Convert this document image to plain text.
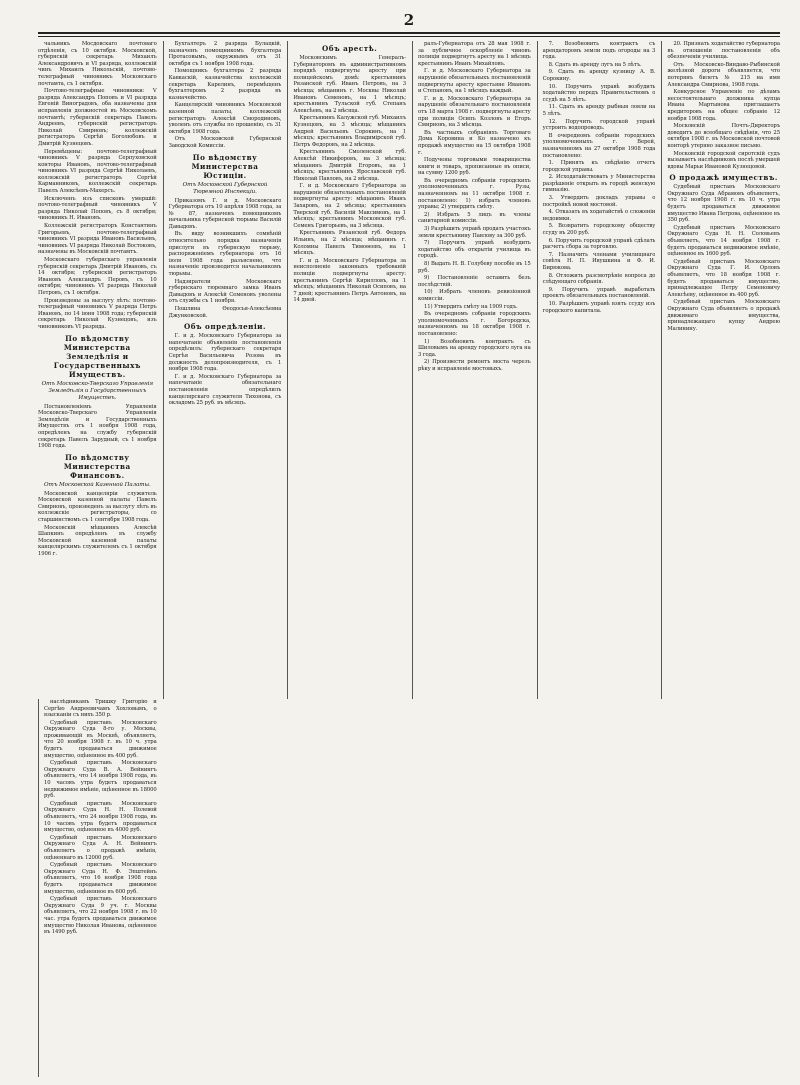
2

чальникъ Мосдовскаго почтоваго отдѣленія, съ 10 октября. Московской, губернскій секретарь Михаилъ Александровичъ и VI разряда, коллежскій чинъ Михаилъ Никольскій, почтово-телеграфный чиновникъ Московскаго почтамта, съ 1 октября.

Почтово-телеграфные чиновники: V разряда Александръ Поповъ и VI разряда Евгеній Виноградовъ, оба назначены для исправленія должностей въ Московскомъ почтамтѣ; губернскій секретарь Павелъ Андреевъ, губернскій регистраторъ Николай Смирновъ; коллежскій регистраторъ Сергѣй Боголюбовъ и Дмитрій Кузнецовъ.

Перемѣщены: почтово-телеграфный чиновникъ V разряда Серпуховской конторы Ивановъ, почтово-телеграфный чиновникъ VI разряда Сергѣй Николаевъ, коллежскій регистраторъ Сергѣй Карманниковъ, коллежскій секретарь Павелъ Алексѣевъ-Махерсъ.

Исключенъ изъ списковъ умершій: почтово-телеграфный чиновникъ V разряда Николай Поповъ, съ 8 октября; чиновникъ Н. Ивановъ.

Коллежскій регистраторъ Константинъ Григорьевъ, почтово-телеграфный чиновникъ VI разряда Ивановъ Васильевъ, чиновникъ VI разряда Николай Востоковъ, назначены въ Московскій почтамтъ.

Московскаго губернскаго управленія губернскій секретарь Дмитрій Ивановъ, съ 14 октября; губернскій регистраторъ Ивановъ Александръ Перовъ, съ 10 октября; чиновникъ VI разряда Николай Петровъ, съ 1 октября.

Произведены за выслугу лѣтъ: почтово-телеграфный чиновникъ V разряда Петръ Ивановъ, по 14 іюня 1908 года; губернскій секретарь Николай Кузнецовъ, изъ чиновниковъ VI разряда.

По вѣдомству Министерства Земледѣлія и Государственныхъ Имуществъ.
Отъ Московско-Тверскаго Управленія Земледѣлія и Государственныхъ Имуществъ.

Постановленіемъ Управленія Московско-Тверскаго Управленія Земледѣлія и Государственныхъ Имуществъ отъ 1 ноября 1908 года, опредѣленъ на службу губернскій секретарь Павелъ Зарудный, съ 1 ноября 1908 года.

По вѣдомству Министерства Финансовъ.
Отъ Московской Казенной Палаты.

Московской канцеляріи служитель Московской казенной палаты Павелъ Смирновъ, произведенъ за выслугу лѣтъ въ коллежскіе регистраторы, со старшинствомъ съ 1 сентября 1908 года.

Московскій мѣщанинъ Алексѣй Шапкинъ опредѣленъ въ службу Московской казенной палаты канцелярскимъ служителемъ съ 1 октября 1906 г.

Бухгалтеръ 2 разряда Булацкій, назначенъ помощникомъ бухгалтера Протасовымъ, окружнымъ отъ 31 октября съ 1 ноября 1908 года.

Помощникъ бухгалтера 2 разряда Кавкаскій, казначейства коллежскій секретарь Карелинъ, перемѣщенъ бухгалтеромъ 2 разряда въ казначейство.

Канцелярскій чиновникъ Московской казенной палаты, коллежскій регистраторъ Алексѣй Смородиновъ, уволенъ отъ службы по прошенію, съ 31 октября 1908 года.

Отъ Московской Губернской Заводской Комиссіи.

По вѣдомству Министерства Юстиціи.
Отъ Московской Губернской Тюремной Инспекціи.

Приказомъ Г. и д. Московскаго Губернатора отъ 10 апрѣля 1908 года, за № 87, назначенъ помощникомъ начальника губернской тюрьмы Василій Давыдовъ.

Въ виду возникшихъ сомнѣній относительно порядка назначенія прислуги въ губернскую тюрьму, распоряженіемъ губернатора отъ 16 іюля 1908 года разъяснено, что назначеніе производится начальникомъ тюрьмы.

Надзиратели Московскаго губернскаго тюремнаго замка Иванъ Давыдовъ и Алексѣй Семеновъ уволены отъ службы съ 1 ноября.

Пошлина Өеодосья-Алексѣевна Джунковской.

Объ опредѣленіи.

Г. и д. Московскаго Губернатора за напечатаніе объявленія постановленія опредѣлилъ: губернскаго секретаря Сергѣя Васильевича Розова въ должность делопроизводителя, съ 1 ноября 1908 года.

Г. и д. Московскаго Губернатора за напечатаніе обязательнаго постановленія опредѣлилъ канцелярскаго служителя Тихонова, съ окладомъ 25 руб. въ мѣсяцъ.

Объ арестѣ.

Московскимъ Генералъ-Губернаторомъ въ административномъ порядкѣ подвергнуты аресту при полицейскомъ домѣ: крестьянинъ Рязанской губ. Иванъ Петровъ, на 3 мѣсяца; мѣщанинъ г. Москвы Николай Ивановъ Семеновъ, на 1 мѣсяцъ; крестьянинъ Тульской губ. Степанъ Алексѣевъ, на 2 мѣсяца.

Крестьянинъ Калужской губ. Михаилъ Кузнецовъ, на 3 мѣсяца; мѣщанинъ Андрей Васильевъ Сорокинъ, на 1 мѣсяцъ; крестьянинъ Владимірской губ. Петръ Федоровъ, на 2 мѣсяца.

Крестьянинъ Смоленской губ. Алексѣй Никифоровъ, на 3 мѣсяца; мѣщанинъ Дмитрій Егоровъ, на 1 мѣсяцъ; крестьянинъ Ярославской губ. Николай Павловъ, на 2 мѣсяца.

Г. и д. Московскаго Губернатора за нарушеніе обязательныхъ постановленій подвергнуты аресту: мѣщанинъ Иванъ Захаровъ, на 2 мѣсяца; крестьянинъ Тверской губ. Василій Максимовъ, на 1 мѣсяцъ; крестьянинъ Московской губ. Семенъ Григорьевъ, на 3 мѣсяца.

Крестьянинъ Рязанской губ. Федоръ Ильинъ, на 2 мѣсяца; мѣщанинъ г. Коломны Павелъ Тимоѳеевъ, на 1 мѣсяцъ.

Г. и д. Московскаго Губернатора за неисполненіе законныхъ требованій полиціи подвергнуты аресту: крестьянинъ Сергѣй Кирилловъ, на 1 мѣсяцъ; мѣщанинъ Николай Осиповъ, на 7 дней; крестьянинъ Петръ Антоновъ, на 14 дней.

ралъ-Губернатора отъ 28 мая 1908 г. за публичное оскорбленіе чиновъ полиціи подвергнутъ аресту на 1 мѣсяцъ крестьянинъ Иванъ Михайловъ.

Г. и д. Московскаго Губернатора за нарушеніе обязательныхъ постановленій подвергнуты аресту крестьяне Ивановъ и Степановъ, на 1 мѣсяцъ каждый.

Г. и д. Московскаго Губернатора за нарушеніе обязательнаго постановленія отъ 18 марта 1908 г. подвергнуты аресту при полиціи Осипъ Козловъ и Егоръ Смирновъ, на 3 мѣсяца.

Въ частныхъ собраніяхъ Торговаго Дома Коровина и Ко назначено къ продажѣ имущество на 15 октября 1908 г.

Подучены торговыми товарищества книги и товаръ, прописанные въ описи, на сумму 1200 руб.

Въ очередномъ собраніи городскихъ уполномоченныхъ г. Рузы, назначенномъ на 11 октября 1908 г. постановлено: 1) избрать членовъ управы; 2) утвердить смѣту.

2) Избрать 5 лицъ въ члены санитарной комиссіи.

3) Разрѣшить управѣ продать участокъ земли крестьянину Павлову за 300 руб.

7) Поручить управѣ возбудить ходатайство объ открытіи училища въ городѣ.

8) Выдать Н. В. Голубеву пособіе въ 15 руб.

9) Постановленіе оставить безъ послѣдствій.

10) Избрать членовъ ревизіонной комиссіи.

11) Утвердить смѣту на 1909 годъ.

Въ очередномъ собраніи городскихъ уполномоченныхъ г. Богородска, назначенномъ на 18 октября 1908 г. постановлено:

1) Возобновить контрактъ съ Шиловымъ на аренду городского луга на 3 года.

2) Произвести ремонтъ моста черезъ рѣку и исправленіе мостовыхъ.

7. Возобновить контрактъ съ арендаторомъ земли подъ огороды на 3 года.

8. Сдать въ аренду лугъ на 5 лѣтъ.

9. Сдать въ аренду кузницу А. В. Сорокину.

10. Поручить управѣ возбудить ходатайство передъ Правительствомъ о ссудѣ на 5 лѣтъ.

11. Сдать въ аренду рыбныя ловли на 5 лѣтъ.

12. Поручить городской управѣ устроить водопроводъ.

В очередномъ собраніи городскихъ уполномоченныхъ г. Верей, назначенномъ на 27 октября 1908 года постановлено:

1. Принять къ свѣдѣнію отчетъ городской управы.

2. Исходатайствовать у Министерства разрѣшеніе открыть въ городѣ женскую гимназію.

3. Утвердить докладъ управы о постройкѣ новой мостовой.

4. Отказать въ ходатайствѣ о сложеніи недоимки.

5. Возвратить городскому обществу ссуду въ 200 руб.

6. Поручить городской управѣ сдѣлать расчетъ сбора за торговлю.

7. Назначить членами училищнаго совѣта Н. П. Ивушкина и Ф. И. Бирюкова.

8. Отложить разсмотрѣніе вопроса до слѣдующаго собранія.

9. Поручить управѣ выработать проектъ обязательныхъ постановленій.

10. Разрѣшить управѣ взять ссуду изъ городского капитала.

20. Признать ходатайство губернатора въ отношеніи постановленія объ обезпеченіи училища.

Отъ Московско-Виндаво-Рыбинской желѣзной дороги объявляется, что потерянъ билетъ № 215 на имя Александра Смирнова, 1908 года.

Конкурсное Управленіе по дѣламъ несостоятельнаго должника купца Ивана Мартынова приглашаетъ кредиторовъ на общее собраніе 12 ноября 1908 года.

Московскій Почтъ-Директоръ доводитъ до всеобщаго свѣдѣнія, что 25 октября 1908 г. въ Московской почтовой конторѣ утеряно заказное письмо.

Московскій городской сиротскій судъ вызываетъ наслѣдниковъ послѣ умершей вдовы Марьи Ивановой Кузнецовой.

О продажѣ имуществъ.

Судебный приставъ Московскаго Окружнаго Суда Абрамовъ объявляетъ, что 12 ноября 1908 г. въ 10 ч. утра будетъ продаваться движимое имущество Ивана Петрова, оцѣненное въ 350 руб.

Судебный приставъ Московскаго Окружнаго Суда Н. Н. Соловьевъ объявляетъ, что 14 ноября 1908 г. будетъ продаваться недвижимое имѣніе, оцѣненное въ 1600 руб.

Судебный приставъ Московскаго Окружнаго Суда Г. И. Орловъ объявляетъ, что 18 ноября 1908 г. будетъ продаваться имущество, принадлежащее Петру Семеновичу Алексѣеву, оцѣненное въ 400 руб.

Судебный приставъ Московскаго Окружнаго Суда объявляетъ о продажѣ движимаго имущества, принадлежащаго купцу Андрею Малинину.

наслѣдникамъ Тришку Григорію и Сергѣю Андреевичамъ Хохловымъ, о взысканіи съ нихъ 350 р.

Судебный приставъ Московскаго Окружнаго Суда 8-го у. Москвы, проживающій въ Москвѣ, объявляетъ, что 20 ноября 1908 г. въ 10 ч. утра будетъ продаваться движимое имущество, оцѣненное въ 400 руб.

Судебный приставъ Московскаго Окружнаго Суда В. А. Вейнингъ объявляетъ, что 14 ноября 1908 года, въ 10 часовъ утра будетъ продаваться недвижимое имѣніе, оцѣненное въ 18000 руб.

Судебный приставъ Московскаго Окружнаго Суда Н. Н. Полевой объявляетъ, что 24 ноября 1908 года, въ 10 часовъ утра будетъ продаваться имущество, оцѣненное въ 4000 руб.

Судебный приставъ Московскаго Окружнаго Суда А. Н. Вейнингъ объявляетъ о продажѣ имѣнія, оцѣненнаго въ 12000 руб.

Судебный приставъ Московскаго Окружнаго Суда Н. Ф. Эпштейнъ объявляетъ, что 16 ноября 1908 года будетъ продаваться движимое имущество, оцѣненное въ 600 руб.

Судебный приставъ Московскаго Окружнаго Суда 9 уч. г. Москвы объявляетъ, что 22 ноября 1908 г. въ 10 час. утра будетъ продаваться движимое имущество Николая Иванова, оцѣненное въ 1490 руб.
